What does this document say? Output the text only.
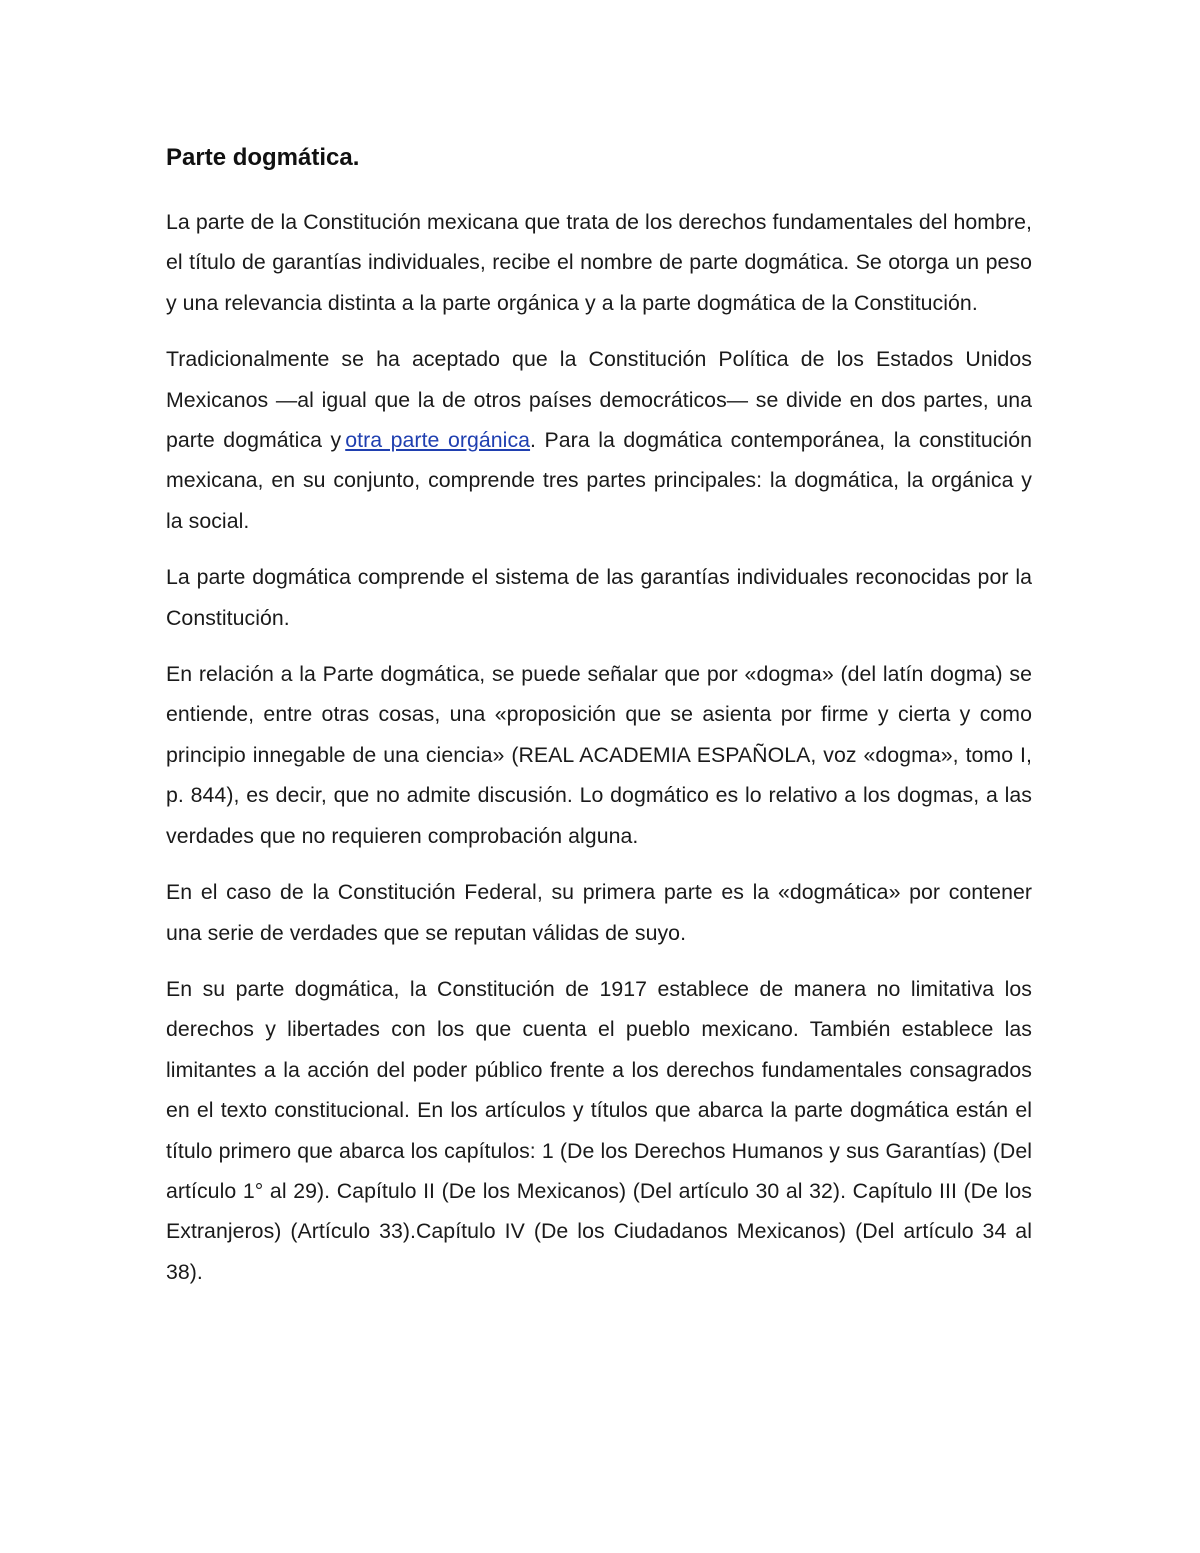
Parte dogmática.

La parte de la Constitución mexicana que trata de los derechos fundamentales del hombre, el título de garantías individuales, recibe el nombre de parte dogmática. Se otorga un peso y una relevancia distinta a la parte orgánica y a la parte dogmática de la Constitución.

Tradicionalmente se ha aceptado que la Constitución Política de los Estados Unidos Mexicanos —al igual que la de otros países democráticos— se divide en dos partes, una parte dogmática y otra parte orgánica. Para la dogmática contemporánea, la constitución mexicana, en su conjunto, comprende tres partes principales: la dogmática, la orgánica y la social.

La parte dogmática comprende el sistema de las garantías individuales reconocidas por la Constitución.

En relación a la Parte dogmática, se puede señalar que por «dogma» (del latín dogma) se entiende, entre otras cosas, una «proposición que se asienta por firme y cierta y como principio innegable de una ciencia» (REAL ACADEMIA ESPAÑOLA, voz «dogma», tomo I, p. 844), es decir, que no admite discusión. Lo dogmático es lo relativo a los dogmas, a las verdades que no requieren comprobación alguna.

En el caso de la Constitución Federal, su primera parte es la «dogmática» por contener una serie de verdades que se reputan válidas de suyo.

En su parte dogmática, la Constitución de 1917 establece de manera no limitativa los derechos y libertades con los que cuenta el pueblo mexicano. También establece las limitantes a la acción del poder público frente a los derechos fundamentales consagrados en el texto constitucional. En los artículos y títulos que abarca la parte dogmática están el título primero que abarca los capítulos: 1 (De los Derechos Humanos y sus Garantías) (Del artículo 1° al 29). Capítulo II (De los Mexicanos) (Del artículo 30 al 32). Capítulo III (De los Extranjeros) (Artículo 33).Capítulo IV (De los Ciudadanos Mexicanos) (Del artículo 34 al 38).
